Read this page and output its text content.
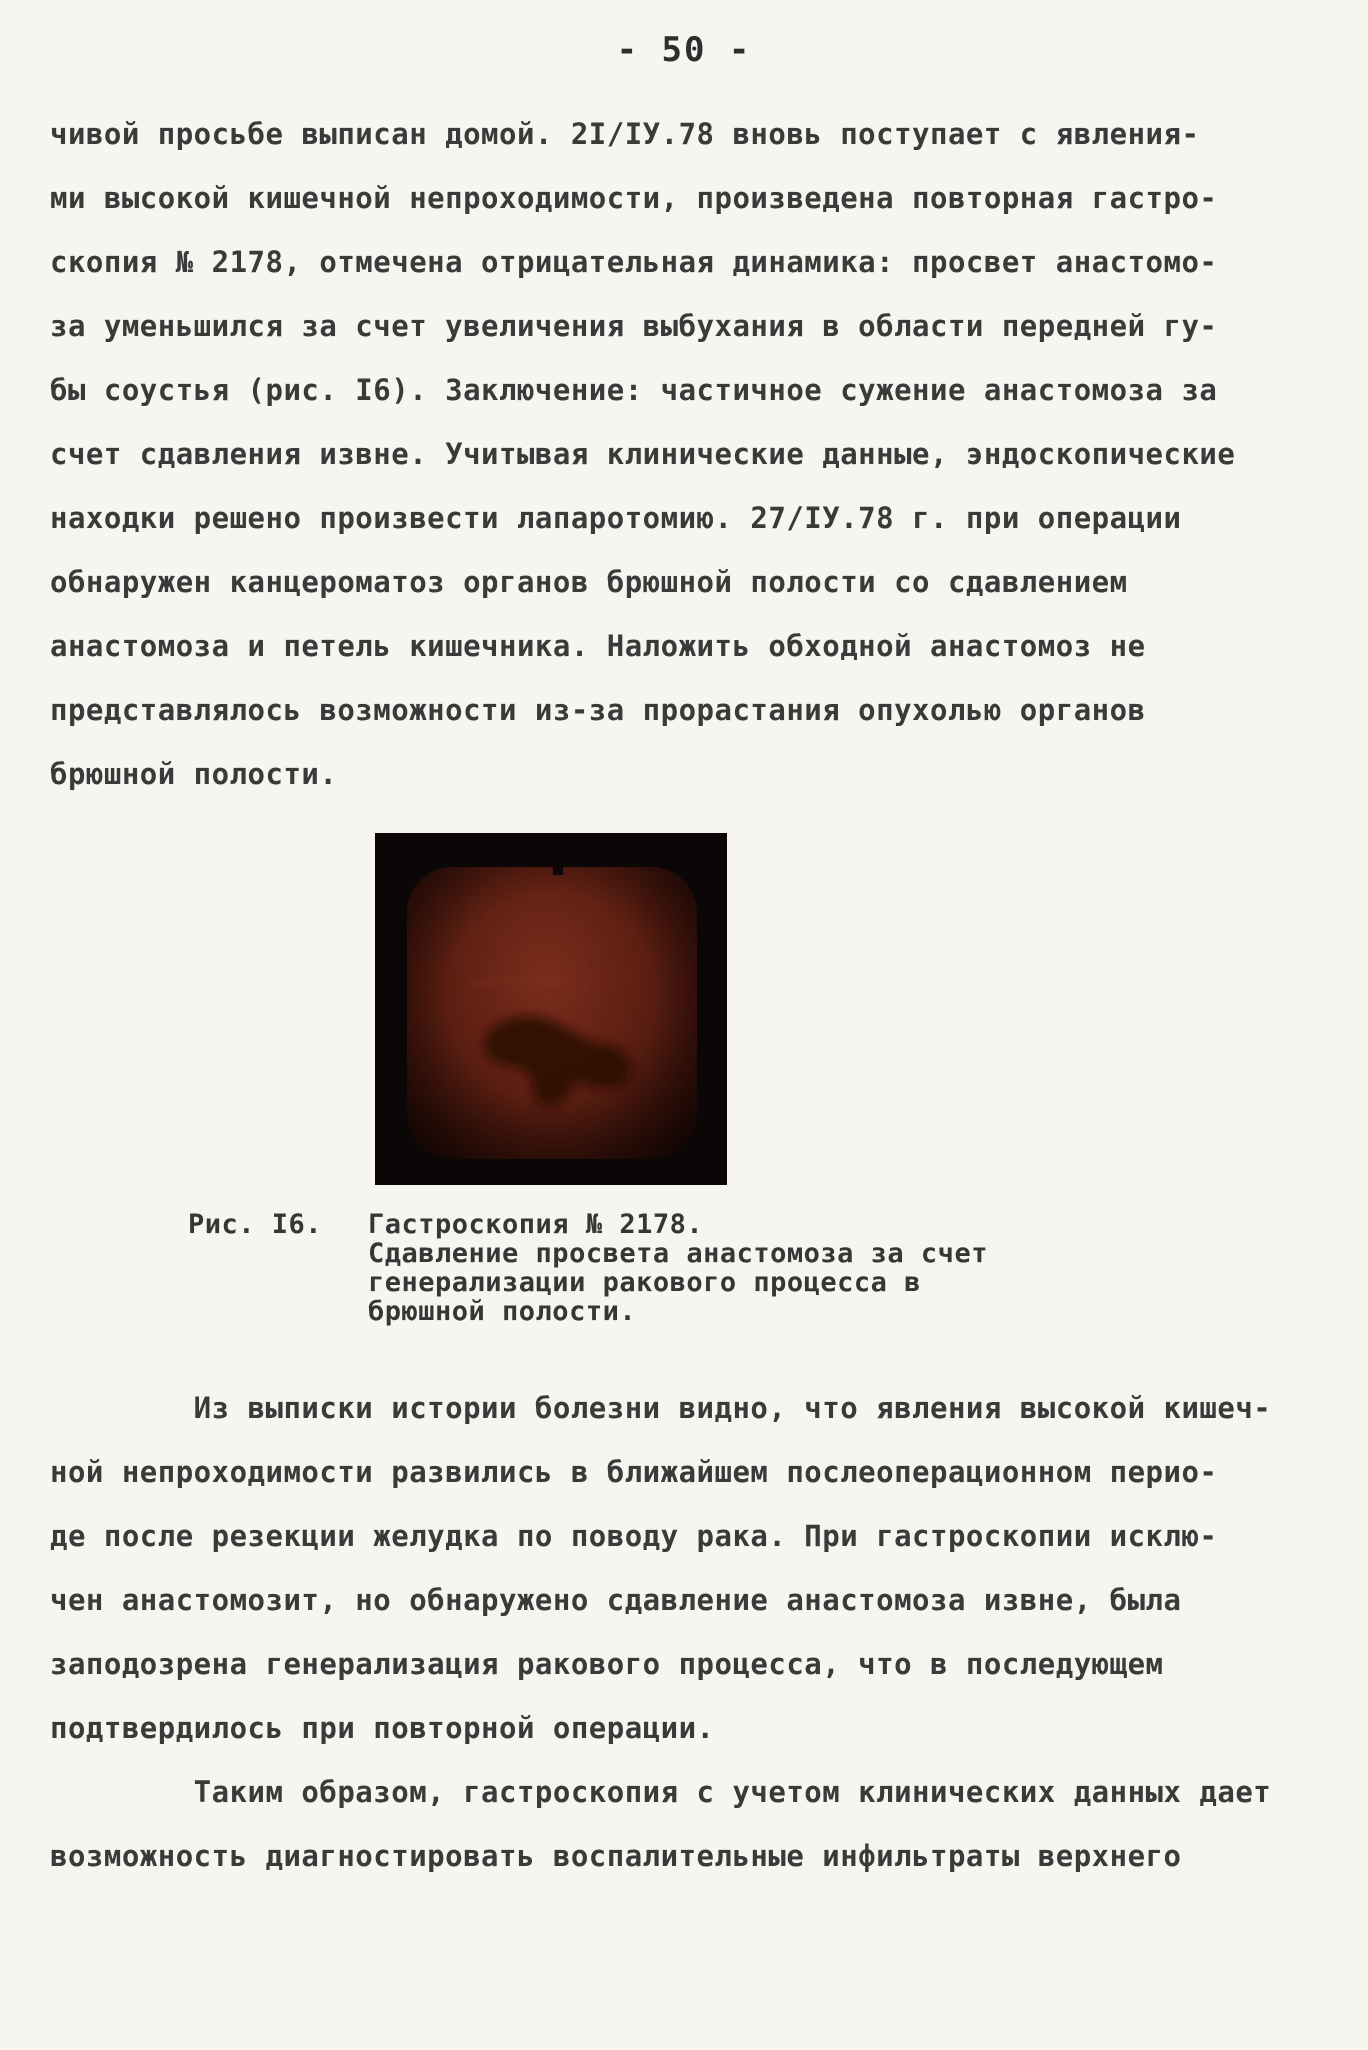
- 50 -
чивой просьбе выписан домой. 2I/IУ.78 вновь поступает с явления-
ми высокой кишечной непроходимости, произведена повторная гастро-
скопия № 2178, отмечена отрицательная динамика: просвет анастомо-
за уменьшился за счет увеличения выбухания в области передней гу-
бы соустья (рис. I6). Заключение: частичное сужение анастомоза за
счет сдавления извне. Учитывая клинические данные, эндоскопические
находки решено произвести лапаротомию. 27/IУ.78 г. при операции
обнаружен канцероматоз органов брюшной полости со сдавлением
анастомоза и петель кишечника. Наложить обходной анастомоз не
представлялось возможности из-за прорастания опухолью органов
брюшной полости.
Рис. I6. Гастроскопия № 2178.
Сдавление просвета анастомоза за счет
генерализации ракового процесса в
брюшной полости.
Из выписки истории болезни видно, что явления высокой кишеч-
ной непроходимости развились в ближайшем послеоперационном перио-
де после резекции желудка по поводу рака. При гастроскопии исклю-
чен анастомозит, но обнаружено сдавление анастомоза извне, была
заподозрена генерализация ракового процесса, что в последующем
подтвердилось при повторной операции.
Таким образом, гастроскопия с учетом клинических данных дает
возможность диагностировать воспалительные инфильтраты верхнего
